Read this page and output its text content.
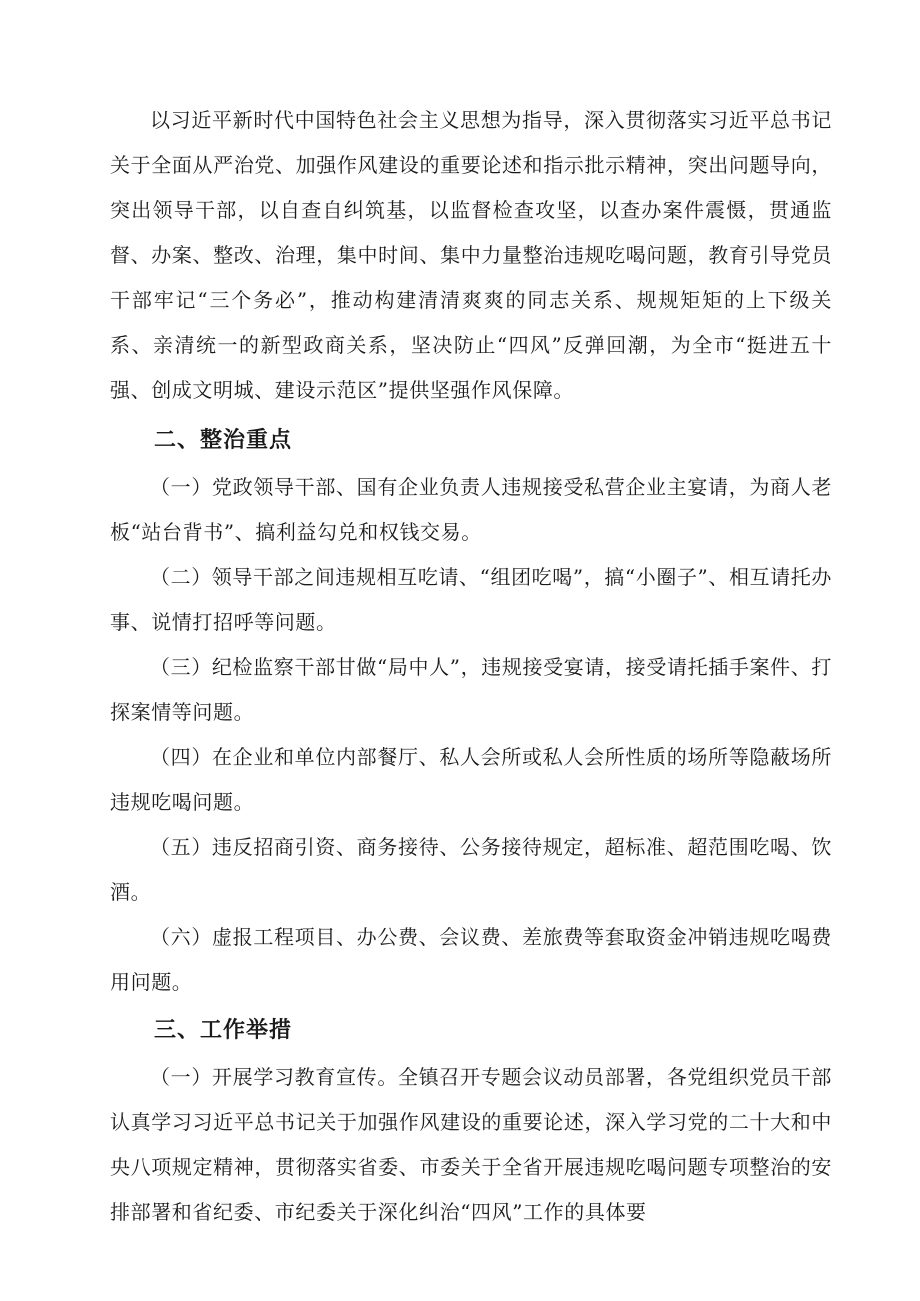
以习近平新时代中国特色社会主义思想为指导，深入贯彻落实习近平总书记关于全面从严治党、加强作风建设的重要论述和指示批示精神，突出问题导向，突出领导干部，以自查自纠筑基，以监督检查攻坚，以查办案件震慑，贯通监督、办案、整改、治理，集中时间、集中力量整治违规吃喝问题，教育引导党员干部牢记“三个务必”，推动构建清清爽爽的同志关系、规规矩矩的上下级关系、亲清统一的新型政商关系，坚决防止“四风”反弹回潮，为全市“挺进五十强、创成文明城、建设示范区”提供坚强作风保障。

二、整治重点

（一）党政领导干部、国有企业负责人违规接受私营企业主宴请，为商人老板“站台背书”、搞利益勾兑和权钱交易。

（二）领导干部之间违规相互吃请、“组团吃喝”，搞“小圈子”、相互请托办事、说情打招呼等问题。

（三）纪检监察干部甘做“局中人”，违规接受宴请，接受请托插手案件、打探案情等问题。

（四）在企业和单位内部餐厅、私人会所或私人会所性质的场所等隐蔽场所违规吃喝问题。

（五）违反招商引资、商务接待、公务接待规定，超标准、超范围吃喝、饮酒。

（六）虚报工程项目、办公费、会议费、差旅费等套取资金冲销违规吃喝费用问题。

三、工作举措

（一）开展学习教育宣传。全镇召开专题会议动员部署，各党组织党员干部认真学习习近平总书记关于加强作风建设的重要论述，深入学习党的二十大和中央八项规定精神，贯彻落实省委、市委关于全省开展违规吃喝问题专项整治的安排部署和省纪委、市纪委关于深化纠治“四风”工作的具体要
